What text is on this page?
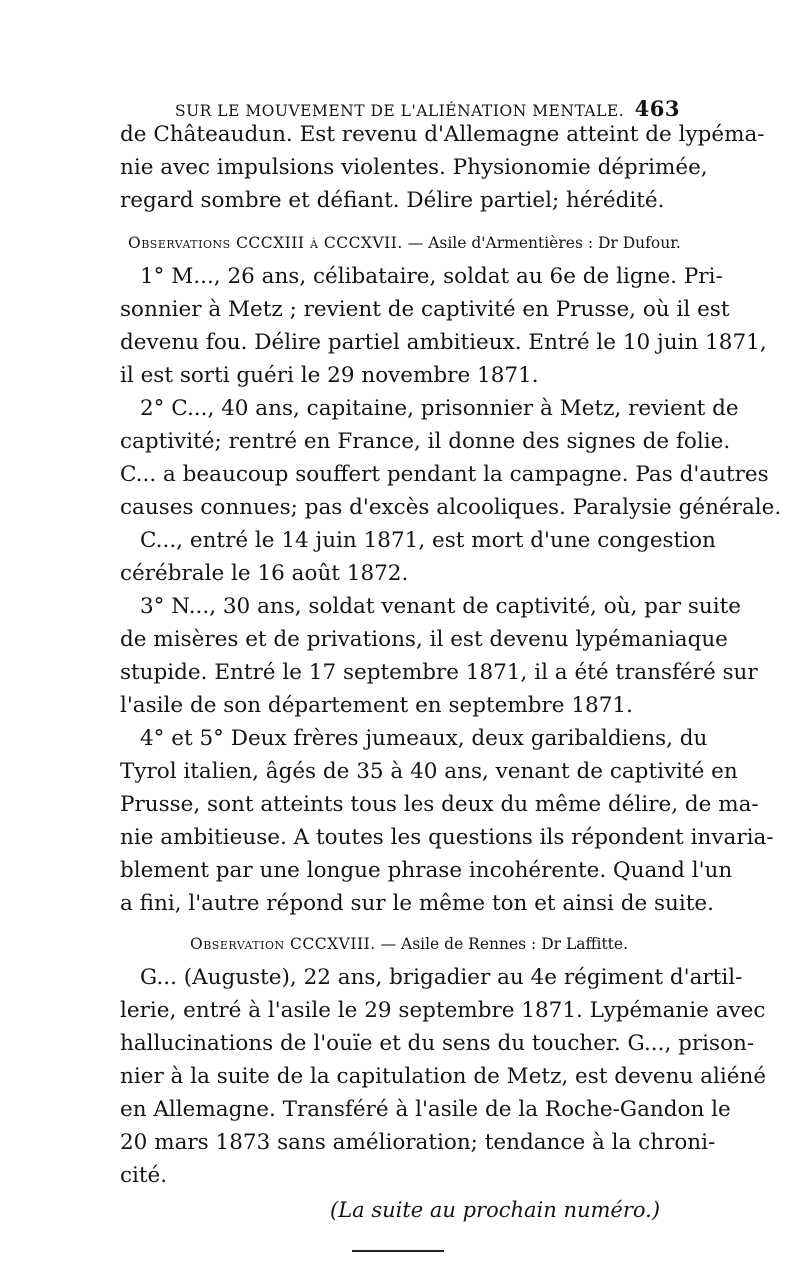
SUR LE MOUVEMENT DE L'ALIÉNATION MENTALE. 463
de Châteaudun. Est revenu d'Allemagne atteint de lypéma-
nie avec impulsions violentes. Physionomie déprimée,
regard sombre et défiant. Délire partiel; hérédité.
Observations CCCXIII à CCCXVII. — Asile d'Armentières : Dr Dufour.
1° M..., 26 ans, célibataire, soldat au 6e de ligne. Pri-
sonnier à Metz ; revient de captivité en Prusse, où il est
devenu fou. Délire partiel ambitieux. Entré le 10 juin 1871,
il est sorti guéri le 29 novembre 1871.
2° C..., 40 ans, capitaine, prisonnier à Metz, revient de
captivité; rentré en France, il donne des signes de folie.
C... a beaucoup souffert pendant la campagne. Pas d'autres
causes connues; pas d'excès alcooliques. Paralysie générale.
C..., entré le 14 juin 1871, est mort d'une congestion
cérébrale le 16 août 1872.
3° N..., 30 ans, soldat venant de captivité, où, par suite
de misères et de privations, il est devenu lypémaniaque
stupide. Entré le 17 septembre 1871, il a été transféré sur
l'asile de son département en septembre 1871.
4° et 5° Deux frères jumeaux, deux garibaldiens, du
Tyrol italien, âgés de 35 à 40 ans, venant de captivité en
Prusse, sont atteints tous les deux du même délire, de ma-
nie ambitieuse. A toutes les questions ils répondent invaria-
blement par une longue phrase incohérente. Quand l'un
a fini, l'autre répond sur le même ton et ainsi de suite.
Observation CCCXVIII. — Asile de Rennes : Dr Laffitte.
G... (Auguste), 22 ans, brigadier au 4e régiment d'artil-
lerie, entré à l'asile le 29 septembre 1871. Lypémanie avec
hallucinations de l'ouïe et du sens du toucher. G..., prison-
nier à la suite de la capitulation de Metz, est devenu aliéné
en Allemagne. Transféré à l'asile de la Roche-Gandon le
20 mars 1873 sans amélioration; tendance à la chroni-
cité.
(La suite au prochain numéro.)
